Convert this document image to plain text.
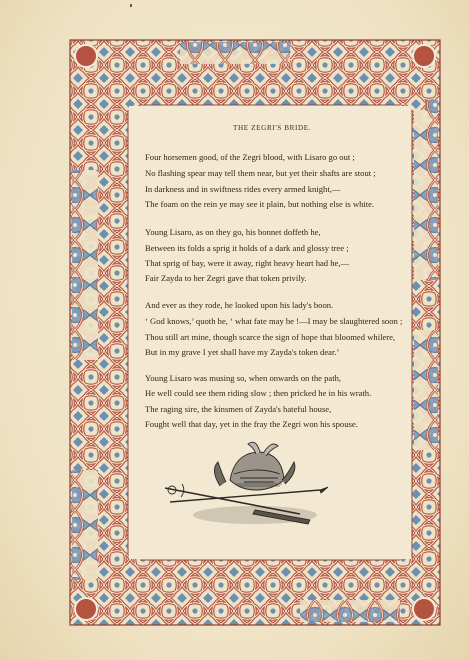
THE ZEGRI'S BRIDE.
Four horsemen good, of the Zegri blood, with Lisaro go out ;
No flashing spear may tell them near, but yet their shafts are stout ;
In darkness and in swiftness rides every armed knight,—
The foam on the rein ye may see it plain, but nothing else is white.
Young Lisaro, as on they go, his bonnet doffeth he,
Between its folds a sprig it holds of a dark and glossy tree ;
That sprig of bay, were it away, right heavy heart had he,—
Fair Zayda to her Zegri gave that token privily.
And ever as they rode, he looked upon his lady's boon.
‘ God knows,’ quoth he, ‘ what fate may be !—I may be slaughtered soon ;
Thou still art mine, though scarce the sign of hope that bloomed whilere,
But in my grave I yet shall have my Zayda's token dear.’
Young Lisaro was musing so, when onwards on the path,
He well could see them riding slow ; then pricked he in his wrath.
The raging sire, the kinsmen of Zayda's hateful house,
Fought well that day, yet in the fray the Zegri won his spouse.
